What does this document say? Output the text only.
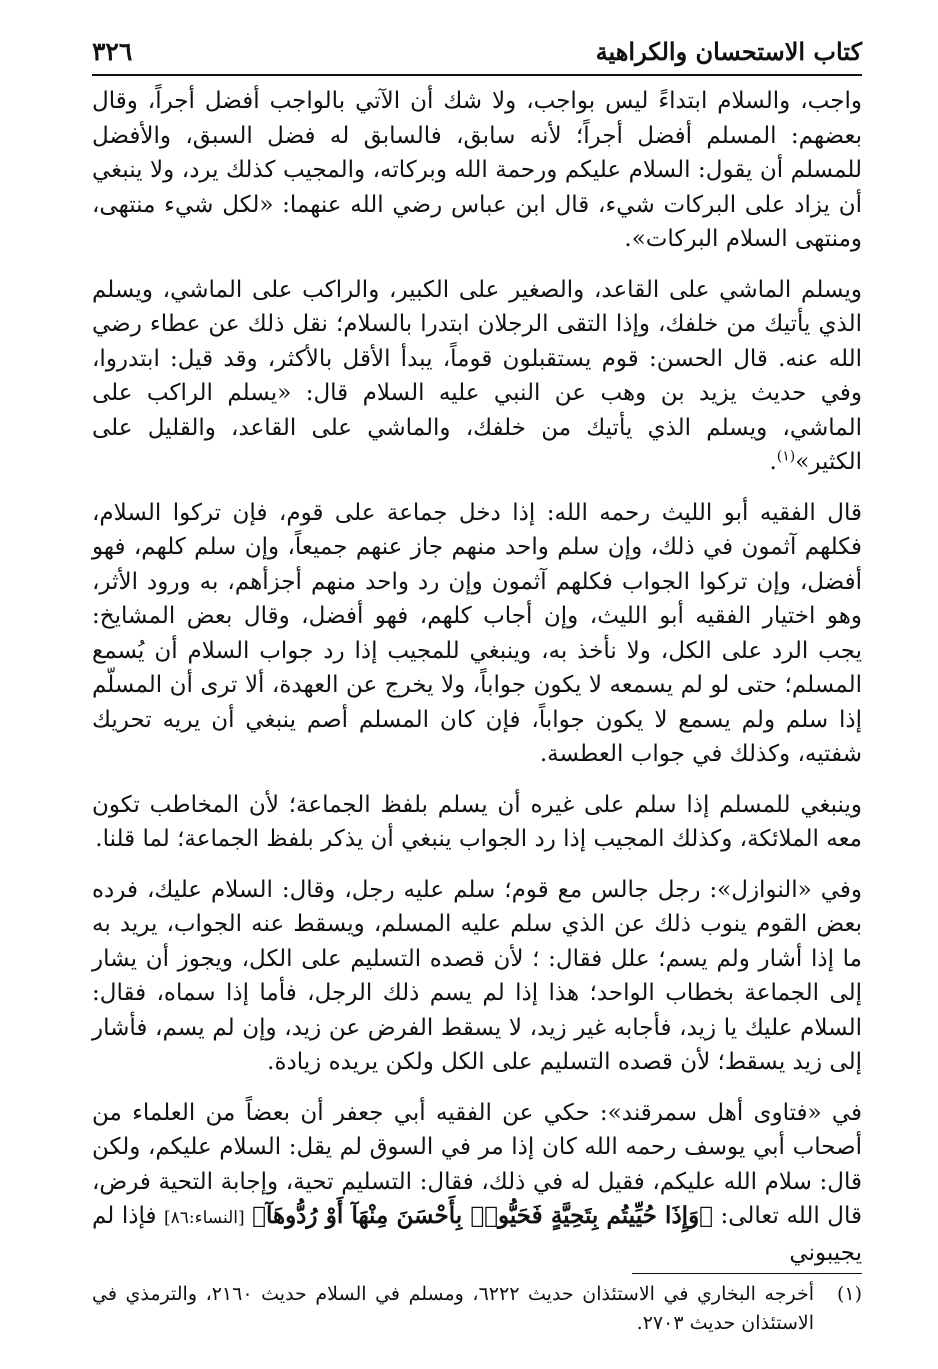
٣٢٦	كتاب الاستحسان والكراهية

واجب، والسلام ابتداءً ليس بواجب، ولا شك أن الآتي بالواجب أفضل أجراً، وقال بعضهم: المسلم أفضل أجراً؛ لأنه سابق، فالسابق له فضل السبق، والأفضل للمسلم أن يقول: السلام عليكم ورحمة الله وبركاته، والمجيب كذلك يرد، ولا ينبغي أن يزاد على البركات شيء، قال ابن عباس رضي الله عنهما: «لكل شيء منتهى، ومنتهى السلام البركات».

ويسلم الماشي على القاعد، والصغير على الكبير، والراكب على الماشي، ويسلم الذي يأتيك من خلفك، وإذا التقى الرجلان ابتدرا بالسلام؛ نقل ذلك عن عطاء رضي الله عنه. قال الحسن: قوم يستقبلون قوماً، يبدأ الأقل بالأكثر، وقد قيل: ابتدروا، وفي حديث يزيد بن وهب عن النبي عليه السلام قال: «يسلم الراكب على الماشي، ويسلم الذي يأتيك من خلفك، والماشي على القاعد، والقليل على الكثير»$^{(١)}$.

قال الفقيه أبو الليث رحمه الله: إذا دخل جماعة على قوم، فإن تركوا السلام، فكلهم آثمون في ذلك، وإن سلم واحد منهم جاز عنهم جميعاً، وإن سلم كلهم، فهو أفضل، وإن تركوا الجواب فكلهم آثمون وإن رد واحد منهم أجزأهم، به ورود الأثر، وهو اختيار الفقيه أبو الليث، وإن أجاب كلهم، فهو أفضل، وقال بعض المشايخ: يجب الرد على الكل، ولا نأخذ به، وينبغي للمجيب إذا رد جواب السلام أن يُسمع المسلم؛ حتى لو لم يسمعه لا يكون جواباً، ولا يخرج عن العهدة، ألا ترى أن المسلّم إذا سلم ولم يسمع لا يكون جواباً، فإن كان المسلم أصم ينبغي أن يريه تحريك شفتيه، وكذلك في جواب العطسة.

وينبغي للمسلم إذا سلم على غيره أن يسلم بلفظ الجماعة؛ لأن المخاطب تكون معه الملائكة، وكذلك المجيب إذا رد الجواب ينبغي أن يذكر بلفظ الجماعة؛ لما قلنا.

وفي «النوازل»: رجل جالس مع قوم؛ سلم عليه رجل، وقال: السلام عليك، فرده بعض القوم ينوب ذلك عن الذي سلم عليه المسلم، ويسقط عنه الجواب، يريد به ما إذا أشار ولم يسم؛ علل فقال: ؛ لأن قصده التسليم على الكل، ويجوز أن يشار إلى الجماعة بخطاب الواحد؛ هذا إذا لم يسم ذلك الرجل، فأما إذا سماه، فقال: السلام عليك يا زيد، فأجابه غير زيد، لا يسقط الفرض عن زيد، وإن لم يسم، فأشار إلى زيد يسقط؛ لأن قصده التسليم على الكل ولكن يريده زيادة.

في «فتاوى أهل سمرقند»: حكي عن الفقيه أبي جعفر أن بعضاً من العلماء من أصحاب أبي يوسف رحمه الله كان إذا مر في السوق لم يقل: السلام عليكم، ولكن قال: سلام الله عليكم، فقيل له في ذلك، فقال: التسليم تحية، وإجابة التحية فرض، قال الله تعالى: ﴿وَإِذَا حُيِّيتُم بِتَحِيَّةٍ فَحَيُّوا۟ بِأَحْسَنَ مِنْهَآ أَوْ رُدُّوهَآ﴾ [النساء:٨٦] فإذا لم يجيبوني

(١)
أخرجه البخاري في الاستئذان حديث ٦٢٢٢، ومسلم في السلام حديث ٢١٦٠، والترمذي في الاستئذان حديث ٢٧٠٣.
